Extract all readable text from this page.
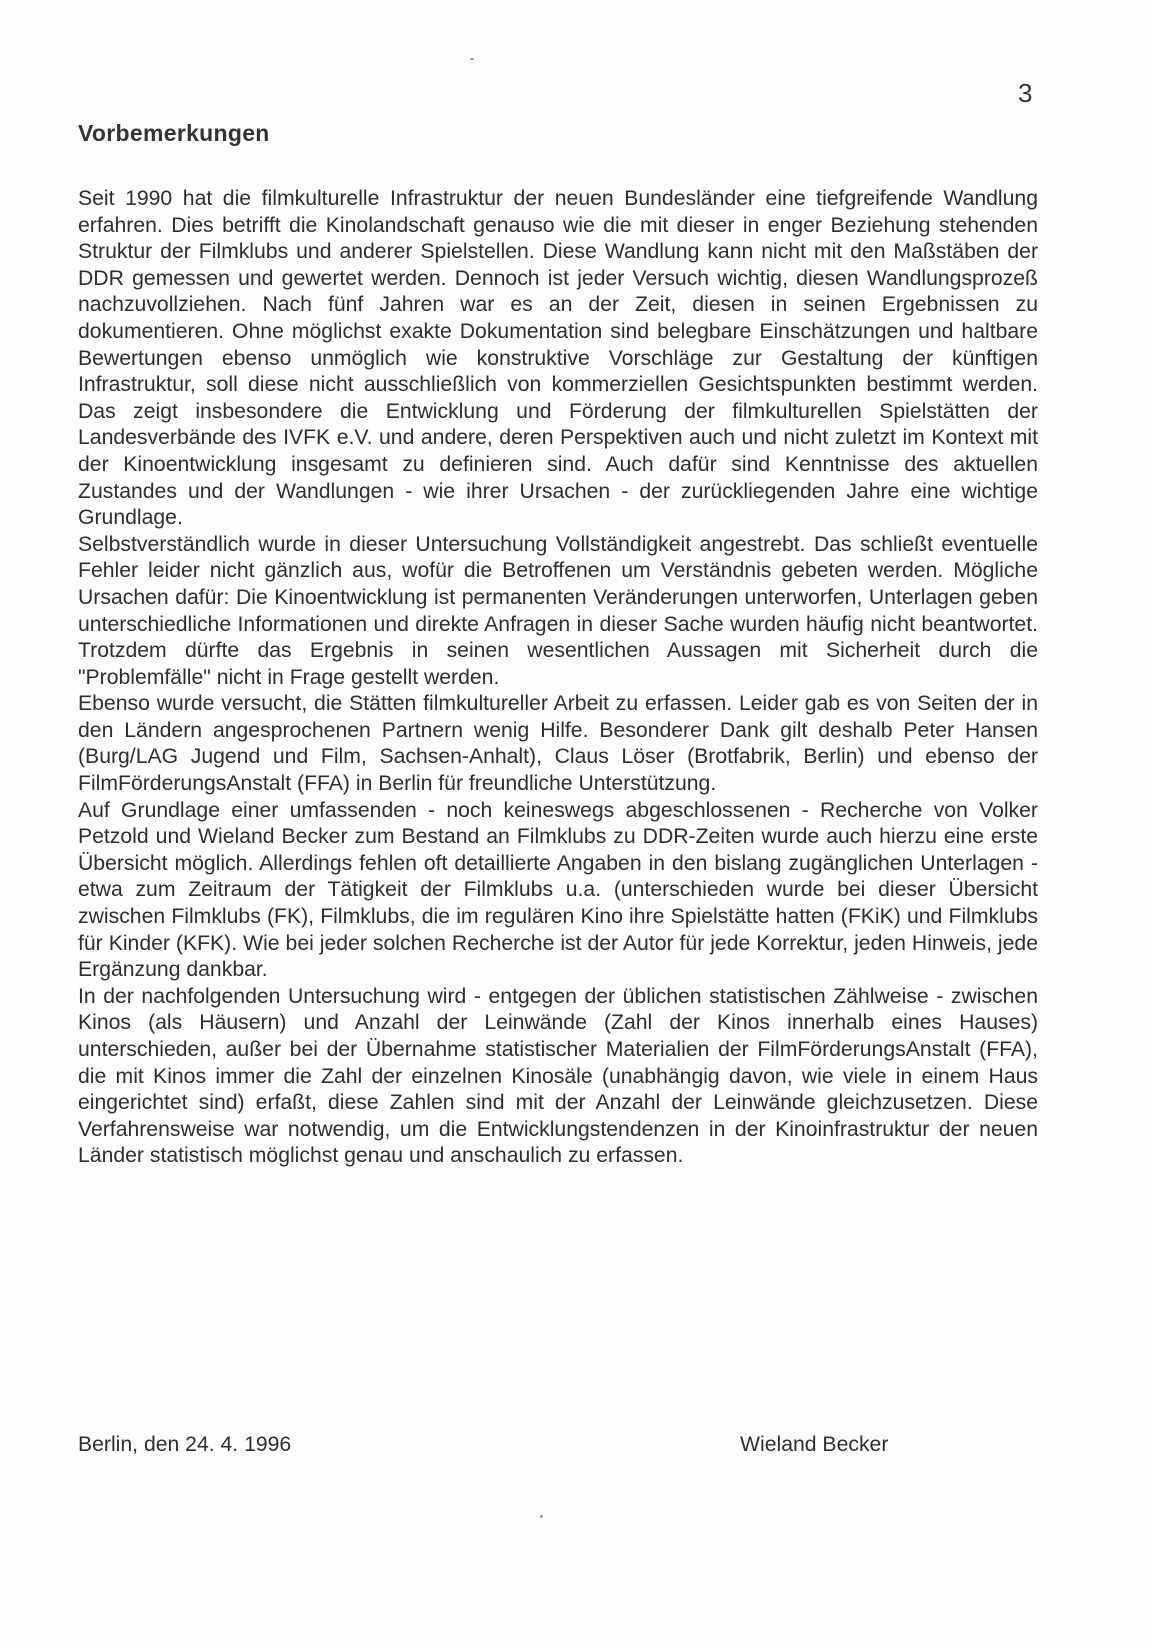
3
Vorbemerkungen

Seit 1990 hat die filmkulturelle Infrastruktur der neuen Bundesländer eine tiefgreifende Wandlung erfahren. Dies betrifft die Kinolandschaft genauso wie die mit dieser in enger Beziehung stehenden Struktur der Filmklubs und anderer Spielstellen. Diese Wandlung kann nicht mit den Maßstäben der DDR gemessen und gewertet werden. Dennoch ist jeder Versuch wichtig, diesen Wandlungsprozeß nachzuvollziehen. Nach fünf Jahren war es an der Zeit, diesen in seinen Ergebnissen zu dokumentieren. Ohne möglichst exakte Dokumentation sind belegbare Einschätzungen und haltbare Bewertungen ebenso unmöglich wie konstruktive Vorschläge zur Gestaltung der künftigen Infrastruktur, soll diese nicht ausschließlich von kommerziellen Gesichtspunkten bestimmt werden. Das zeigt insbesondere die Entwicklung und Förderung der filmkulturellen Spielstätten der Landesverbände des IVFK e.V. und andere, deren Perspektiven auch und nicht zuletzt im Kontext mit der Kinoentwicklung insgesamt zu definieren sind. Auch dafür sind Kenntnisse des aktuellen Zustandes und der Wandlungen - wie ihrer Ursachen - der zurückliegenden Jahre eine wichtige Grundlage.

Selbstverständlich wurde in dieser Untersuchung Vollständigkeit angestrebt. Das schließt eventuelle Fehler leider nicht gänzlich aus, wofür die Betroffenen um Verständnis gebeten werden. Mögliche Ursachen dafür: Die Kinoentwicklung ist permanenten Veränderungen unterworfen, Unterlagen geben unterschiedliche Informationen und direkte Anfragen in dieser Sache wurden häufig nicht beantwortet. Trotzdem dürfte das Ergebnis in seinen wesentlichen Aussagen mit Sicherheit durch die "Problemfälle" nicht in Frage gestellt werden.

Ebenso wurde versucht, die Stätten filmkultureller Arbeit zu erfassen. Leider gab es von Seiten der in den Ländern angesprochenen Partnern wenig Hilfe. Besonderer Dank gilt deshalb Peter Hansen (Burg/LAG Jugend und Film, Sachsen-Anhalt), Claus Löser (Brotfabrik, Berlin) und ebenso der FilmFörderungsAnstalt (FFA) in Berlin für freundliche Unterstützung.

Auf Grundlage einer umfassenden - noch keineswegs abgeschlossenen - Recherche von Volker Petzold und Wieland Becker zum Bestand an Filmklubs zu DDR-Zeiten wurde auch hierzu eine erste Übersicht möglich. Allerdings fehlen oft detaillierte Angaben in den bislang zugänglichen Unterlagen - etwa zum Zeitraum der Tätigkeit der Filmklubs u.a. (unterschieden wurde bei dieser Übersicht zwischen Filmklubs (FK), Filmklubs, die im regulären Kino ihre Spielstätte hatten (FKiK) und Filmklubs für Kinder (KFK). Wie bei jeder solchen Recherche ist der Autor für jede Korrektur, jeden Hinweis, jede Ergänzung dankbar.

In der nachfolgenden Untersuchung wird - entgegen der üblichen statistischen Zählweise - zwischen Kinos (als Häusern) und Anzahl der Leinwände (Zahl der Kinos innerhalb eines Hauses) unterschieden, außer bei der Übernahme statistischer Materialien der FilmFörderungsAnstalt (FFA), die mit Kinos immer die Zahl der einzelnen Kinosäle (unabhängig davon, wie viele in einem Haus eingerichtet sind) erfaßt, diese Zahlen sind mit der Anzahl der Leinwände gleichzusetzen. Diese Verfahrensweise war notwendig, um die Entwicklungstendenzen in der Kinoinfrastruktur der neuen Länder statistisch möglichst genau und anschaulich zu erfassen.

Berlin, den 24. 4. 1996	Wieland Becker
